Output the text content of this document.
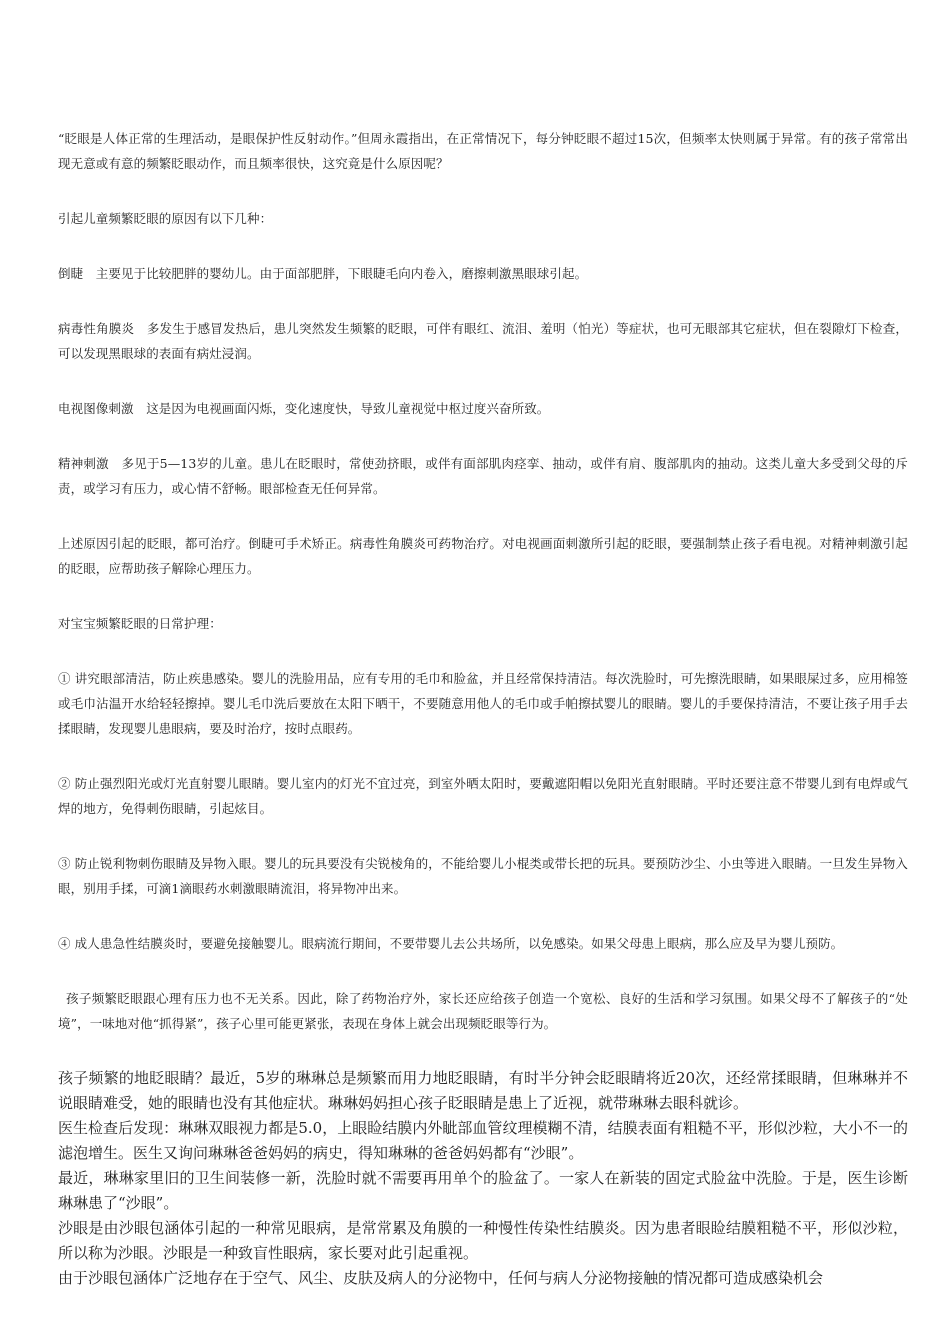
“眨眼是人体正常的生理活动，是眼保护性反射动作。”但周永霞指出，在正常情况下，每分钟眨眼不超过15次，但频率太快则属于异常。有的孩子常常出现无意或有意的频繁眨眼动作，而且频率很快，这究竟是什么原因呢？

引起儿童频繁眨眼的原因有以下几种：

倒睫　主要见于比较肥胖的婴幼儿。由于面部肥胖，下眼睫毛向内卷入，磨擦刺激黑眼球引起。

病毒性角膜炎　多发生于感冒发热后，患儿突然发生频繁的眨眼，可伴有眼红、流泪、羞明（怕光）等症状，也可无眼部其它症状，但在裂隙灯下检查，可以发现黑眼球的表面有病灶浸润。

电视图像刺激　这是因为电视画面闪烁，变化速度快，导致儿童视觉中枢过度兴奋所致。

精神刺激　多见于5—13岁的儿童。患儿在眨眼时，常使劲挤眼，或伴有面部肌肉痉挛、抽动，或伴有肩、腹部肌肉的抽动。这类儿童大多受到父母的斥责，或学习有压力，或心情不舒畅。眼部检查无任何异常。

上述原因引起的眨眼，都可治疗。倒睫可手术矫正。病毒性角膜炎可药物治疗。对电视画面刺激所引起的眨眼，要强制禁止孩子看电视。对精神刺激引起的眨眼，应帮助孩子解除心理压力。

对宝宝频繁眨眼的日常护理：

① 讲究眼部清洁，防止疾患感染。婴儿的洗脸用品，应有专用的毛巾和脸盆，并且经常保持清洁。每次洗脸时，可先擦洗眼睛，如果眼屎过多，应用棉签或毛巾沾温开水给轻轻擦掉。婴儿毛巾洗后要放在太阳下晒干，不要随意用他人的毛巾或手帕擦拭婴儿的眼睛。婴儿的手要保持清洁，不要让孩子用手去揉眼睛，发现婴儿患眼病，要及时治疗，按时点眼药。

② 防止强烈阳光或灯光直射婴儿眼睛。婴儿室内的灯光不宜过亮，到室外晒太阳时，要戴遮阳帽以免阳光直射眼睛。平时还要注意不带婴儿到有电焊或气焊的地方，免得刺伤眼睛，引起炫目。

③ 防止锐利物刺伤眼睛及异物入眼。婴儿的玩具要没有尖锐棱角的，不能给婴儿小棍类或带长把的玩具。要预防沙尘、小虫等进入眼睛。一旦发生异物入眼，别用手揉，可滴1滴眼药水刺激眼睛流泪，将异物冲出来。

④ 成人患急性结膜炎时，要避免接触婴儿。眼病流行期间，不要带婴儿去公共场所，以免感染。如果父母患上眼病，那么应及早为婴儿预防。

孩子频繁眨眼跟心理有压力也不无关系。因此，除了药物治疗外，家长还应给孩子创造一个宽松、良好的生活和学习氛围。如果父母不了解孩子的“处境”，一味地对他“抓得紧”，孩子心里可能更紧张，表现在身体上就会出现频眨眼等行为。

孩子频繁的地眨眼睛？最近，5岁的琳琳总是频繁而用力地眨眼睛，有时半分钟会眨眼睛将近20次，还经常揉眼睛，但琳琳并不说眼睛难受，她的眼睛也没有其他症状。琳琳妈妈担心孩子眨眼睛是患上了近视，就带琳琳去眼科就诊。

医生检查后发现：琳琳双眼视力都是5.0，上眼睑结膜内外眦部血管纹理模糊不清，结膜表面有粗糙不平，形似沙粒，大小不一的滤泡增生。医生又询问琳琳爸爸妈妈的病史，得知琳琳的爸爸妈妈都有“沙眼”。

最近，琳琳家里旧的卫生间装修一新，洗脸时就不需要再用单个的脸盆了。一家人在新装的固定式脸盆中洗脸。于是，医生诊断琳琳患了“沙眼”。

沙眼是由沙眼包涵体引起的一种常见眼病，是常常累及角膜的一种慢性传染性结膜炎。因为患者眼睑结膜粗糙不平，形似沙粒，所以称为沙眼。沙眼是一种致盲性眼病，家长要对此引起重视。

由于沙眼包涵体广泛地存在于空气、风尘、皮肤及病人的分泌物中，任何与病人分泌物接触的情况都可造成感染机会
